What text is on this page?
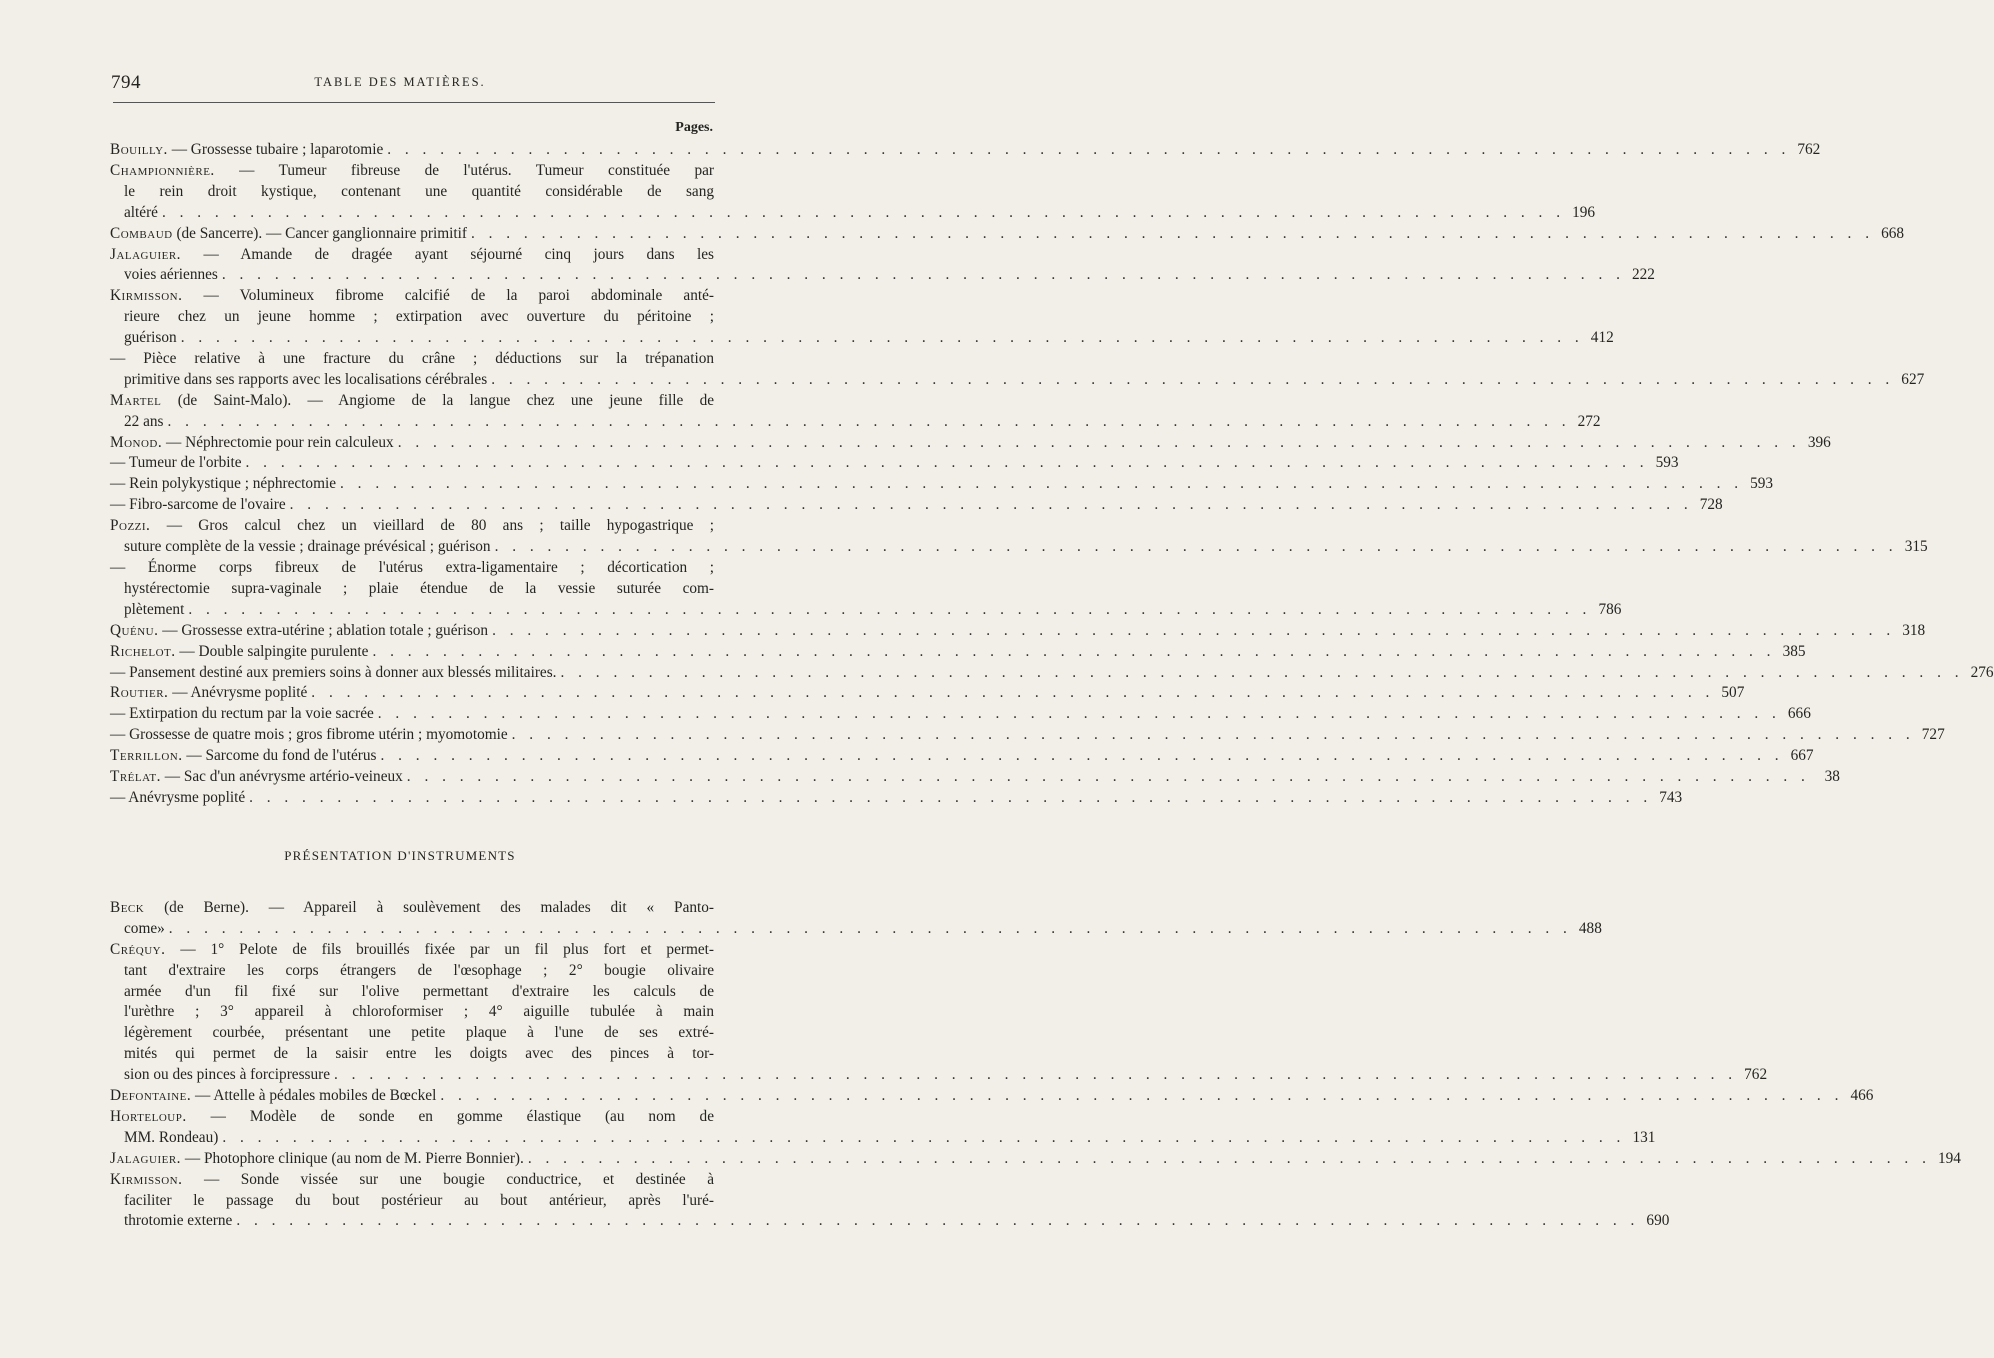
794	TABLE DES MATIÈRES.
Pages.
Bouilly. — Grossesse tubaire ; laparotomie . . . . . . . . . . . . . . . . . . . . . . . . . . . . . . . . . . . . . . . . . . . . . . . . . . . . . . . . . . . . . . . . . . . . . . . . . . . . . . . . 762
Championnière. — Tumeur fibreuse de l'utérus. Tumeur constituée par
le rein droit kystique, contenant une quantité considérable de sang
altéré . . . . . . . . . . . . . . . . . . . . . . . . . . . . . . . . . . . . . . . . . . . . . . . . . . . . . . . . . . . . . . . . . . . . . . . . . . . . . . . . 196
Combaud (de Sancerre). — Cancer ganglionnaire primitif . . . . . . . . . . . . . . . . . . . . . . . . . . . . . . . . . . . . . . . . . . . . . . . . . . . . . . . . . . . . . . . . . . . . . . . . . . . . . . . . 668
Jalaguier. — Amande de dragée ayant séjourné cinq jours dans les
voies aériennes . . . . . . . . . . . . . . . . . . . . . . . . . . . . . . . . . . . . . . . . . . . . . . . . . . . . . . . . . . . . . . . . . . . . . . . . . . . . . . . . 222
Kirmisson. — Volumineux fibrome calcifié de la paroi abdominale anté-
rieure chez un jeune homme ; extirpation avec ouverture du péritoine ;
guérison . . . . . . . . . . . . . . . . . . . . . . . . . . . . . . . . . . . . . . . . . . . . . . . . . . . . . . . . . . . . . . . . . . . . . . . . . . . . . . . . 412
— Pièce relative à une fracture du crâne ; déductions sur la trépanation
primitive dans ses rapports avec les localisations cérébrales . . . . . . . . . . . . . . . . . . . . . . . . . . . . . . . . . . . . . . . . . . . . . . . . . . . . . . . . . . . . . . . . . . . . . . . . . . . . . . . . 627
Martel (de Saint-Malo). — Angiome de la langue chez une jeune fille de
22 ans . . . . . . . . . . . . . . . . . . . . . . . . . . . . . . . . . . . . . . . . . . . . . . . . . . . . . . . . . . . . . . . . . . . . . . . . . . . . . . . . 272
Monod. — Néphrectomie pour rein calculeux . . . . . . . . . . . . . . . . . . . . . . . . . . . . . . . . . . . . . . . . . . . . . . . . . . . . . . . . . . . . . . . . . . . . . . . . . . . . . . . . 396
— Tumeur de l'orbite . . . . . . . . . . . . . . . . . . . . . . . . . . . . . . . . . . . . . . . . . . . . . . . . . . . . . . . . . . . . . . . . . . . . . . . . . . . . . . . . 593
— Rein polykystique ; néphrectomie . . . . . . . . . . . . . . . . . . . . . . . . . . . . . . . . . . . . . . . . . . . . . . . . . . . . . . . . . . . . . . . . . . . . . . . . . . . . . . . . 593
— Fibro-sarcome de l'ovaire . . . . . . . . . . . . . . . . . . . . . . . . . . . . . . . . . . . . . . . . . . . . . . . . . . . . . . . . . . . . . . . . . . . . . . . . . . . . . . . . 728
Pozzi. — Gros calcul chez un vieillard de 80 ans ; taille hypogastrique ;
suture complète de la vessie ; drainage prévésical ; guérison . . . . . . . . . . . . . . . . . . . . . . . . . . . . . . . . . . . . . . . . . . . . . . . . . . . . . . . . . . . . . . . . . . . . . . . . . . . . . . . . 315
— Énorme corps fibreux de l'utérus extra-ligamentaire ; décortication ;
hystérectomie supra-vaginale ; plaie étendue de la vessie suturée com-
plètement . . . . . . . . . . . . . . . . . . . . . . . . . . . . . . . . . . . . . . . . . . . . . . . . . . . . . . . . . . . . . . . . . . . . . . . . . . . . . . . . 786
Quénu. — Grossesse extra-utérine ; ablation totale ; guérison . . . . . . . . . . . . . . . . . . . . . . . . . . . . . . . . . . . . . . . . . . . . . . . . . . . . . . . . . . . . . . . . . . . . . . . . . . . . . . . . 318
Richelot. — Double salpingite purulente . . . . . . . . . . . . . . . . . . . . . . . . . . . . . . . . . . . . . . . . . . . . . . . . . . . . . . . . . . . . . . . . . . . . . . . . . . . . . . . . 385
— Pansement destiné aux premiers soins à donner aux blessés militaires. . . . . . . . . . . . . . . . . . . . . . . . . . . . . . . . . . . . . . . . . . . . . . . . . . . . . . . . . . . . . . . . . . . . . . . . . . . . . . . . . 276
Routier. — Anévrysme poplité . . . . . . . . . . . . . . . . . . . . . . . . . . . . . . . . . . . . . . . . . . . . . . . . . . . . . . . . . . . . . . . . . . . . . . . . . . . . . . . . 507
— Extirpation du rectum par la voie sacrée . . . . . . . . . . . . . . . . . . . . . . . . . . . . . . . . . . . . . . . . . . . . . . . . . . . . . . . . . . . . . . . . . . . . . . . . . . . . . . . . 666
— Grossesse de quatre mois ; gros fibrome utérin ; myomotomie . . . . . . . . . . . . . . . . . . . . . . . . . . . . . . . . . . . . . . . . . . . . . . . . . . . . . . . . . . . . . . . . . . . . . . . . . . . . . . . . 727
Terrillon. — Sarcome du fond de l'utérus . . . . . . . . . . . . . . . . . . . . . . . . . . . . . . . . . . . . . . . . . . . . . . . . . . . . . . . . . . . . . . . . . . . . . . . . . . . . . . . . 667
Trélat. — Sac d'un anévrysme artério-veineux . . . . . . . . . . . . . . . . . . . . . . . . . . . . . . . . . . . . . . . . . . . . . . . . . . . . . . . . . . . . . . . . . . . . . . . . . . . . . . . . 38
— Anévrysme poplité . . . . . . . . . . . . . . . . . . . . . . . . . . . . . . . . . . . . . . . . . . . . . . . . . . . . . . . . . . . . . . . . . . . . . . . . . . . . . . . . 743
PRÉSENTATION D'INSTRUMENTS
Beck (de Berne). — Appareil à soulèvement des malades dit « Panto-
come» . . . . . . . . . . . . . . . . . . . . . . . . . . . . . . . . . . . . . . . . . . . . . . . . . . . . . . . . . . . . . . . . . . . . . . . . . . . . . . . . 488
Créquy. — 1° Pelote de fils brouillés fixée par un fil plus fort et permet-
tant d'extraire les corps étrangers de l'œsophage ; 2° bougie olivaire
armée d'un fil fixé sur l'olive permettant d'extraire les calculs de
l'urèthre ; 3° appareil à chloroformiser ; 4° aiguille tubulée à main
légèrement courbée, présentant une petite plaque à l'une de ses extré-
mités qui permet de la saisir entre les doigts avec des pinces à tor-
sion ou des pinces à forcipressure . . . . . . . . . . . . . . . . . . . . . . . . . . . . . . . . . . . . . . . . . . . . . . . . . . . . . . . . . . . . . . . . . . . . . . . . . . . . . . . . 762
Defontaine. — Attelle à pédales mobiles de Bœckel . . . . . . . . . . . . . . . . . . . . . . . . . . . . . . . . . . . . . . . . . . . . . . . . . . . . . . . . . . . . . . . . . . . . . . . . . . . . . . . . 466
Horteloup. — Modèle de sonde en gomme élastique (au nom de
MM. Rondeau) . . . . . . . . . . . . . . . . . . . . . . . . . . . . . . . . . . . . . . . . . . . . . . . . . . . . . . . . . . . . . . . . . . . . . . . . . . . . . . . . 131
Jalaguier. — Photophore clinique (au nom de M. Pierre Bonnier). . . . . . . . . . . . . . . . . . . . . . . . . . . . . . . . . . . . . . . . . . . . . . . . . . . . . . . . . . . . . . . . . . . . . . . . . . . . . . . . . 194
Kirmisson. — Sonde vissée sur une bougie conductrice, et destinée à
faciliter le passage du bout postérieur au bout antérieur, après l'uré-
throtomie externe . . . . . . . . . . . . . . . . . . . . . . . . . . . . . . . . . . . . . . . . . . . . . . . . . . . . . . . . . . . . . . . . . . . . . . . . . . . . . . . . 690
